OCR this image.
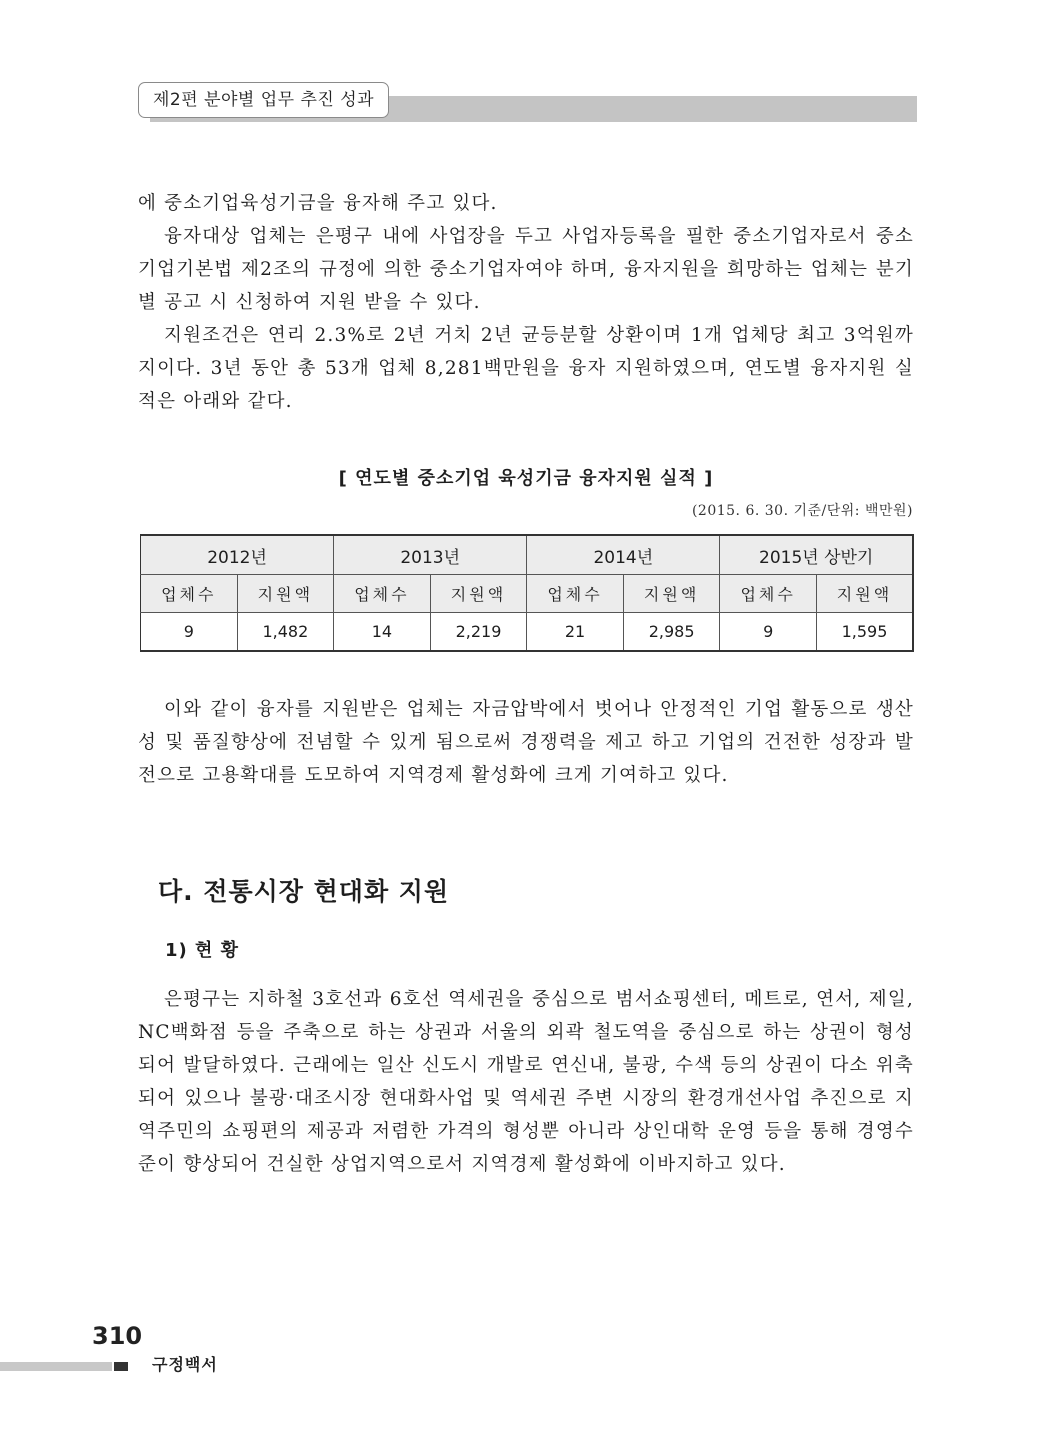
제2편 분야별 업무 추진 성과

에 중소기업육성기금을 융자해 주고 있다.

융자대상 업체는 은평구 내에 사업장을 두고 사업자등록을 필한 중소기업자로서 중소기업기본법 제2조의 규정에 의한 중소기업자여야 하며, 융자지원을 희망하는 업체는 분기별 공고 시 신청하여 지원 받을 수 있다.

지원조건은 연리 2.3%로 2년 거치 2년 균등분할 상환이며 1개 업체당 최고 3억원까지이다. 3년 동안 총 53개 업체 8,281백만원을 융자 지원하였으며, 연도별 융자지원 실적은 아래와 같다.

[ 연도별 중소기업 육성기금 융자지원 실적 ]
(2015. 6. 30. 기준/단위: 백만원)
2012년		2013년		2014년		2015년 상반기	
업체수	지원액	업체수	지원액	업체수	지원액	업체수	지원액
9	1,482	14	2,219	21	2,985	9	1,595

이와 같이 융자를 지원받은 업체는 자금압박에서 벗어나 안정적인 기업 활동으로 생산성 및 품질향상에 전념할 수 있게 됨으로써 경쟁력을 제고 하고 기업의 건전한 성장과 발전으로 고용확대를 도모하여 지역경제 활성화에 크게 기여하고 있다.

다. 전통시장 현대화 지원
1) 현 황

은평구는 지하철 3호선과 6호선 역세권을 중심으로 범서쇼핑센터, 메트로, 연서, 제일, NC백화점 등을 주축으로 하는 상권과 서울의 외곽 철도역을 중심으로 하는 상권이 형성되어 발달하였다. 근래에는 일산 신도시 개발로 연신내, 불광, 수색 등의 상권이 다소 위축되어 있으나 불광·대조시장 현대화사업 및 역세권 주변 시장의 환경개선사업 추진으로 지역주민의 쇼핑편의 제공과 저렴한 가격의 형성뿐 아니라 상인대학 운영 등을 통해 경영수준이 향상되어 건실한 상업지역으로서 지역경제 활성화에 이바지하고 있다.

310
구정백서
